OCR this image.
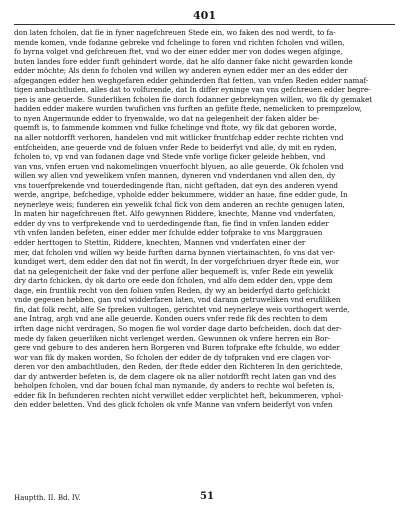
401
don laten fcholen, dat fie in fyner nagefchreuen Stede ein, wo faken des nod werdt, to fa-
mende komen, vnde fodanne gebreke vnd fchelinge to foren vnd richten fcholen vnd willen,
fo byrna volget vnd gefchreuen ftet, vnd wo der einer edder mer von dodes wegen afginge,
buten landes fore edder funft gehindert worde, dat he alfo danner fake nicht gewarden konde
edder möchte; Als denn fo fcholen vnd willen wy anderen eynen edder mer an des edder der
afgegangen edder hen weghgefaren edder gehinderden ftat fetten, van vnfen Reden edder namaf-
tigen ambachtluden, alles dat to volfurende, dat In differ eyninge van vns gefchreuen edder begre-
pen is ane geuerde. Sunderliken fcholen fie dorch fodanner gebrekyngen willen, wo fik dy gemaket
hadden edder makere wurden twufichen vns furften an gefiite ftede, nemelicken to prempzelow,
to nyen Angermunde edder to fryenwalde, wo dat na gelegenheit der faken alder be-
quemft is, to fammende kommen vnd fulke fchelinge vnd ftote, wy fik dat geboren worde,
na aller notdorfft verhoren, handelen vnd mit witlicker fruntfchap edder rechte richten vnd
entfcheiden, ane geuerde vnd de foluen vnfer Rede to beiderfyt vnd alle, dy mit en ryden,
fcholen to, vp vnd van fodanen dage vnd Stede vnfe vorlige ficker geleide hebben, vnd
van vns, vnfen eruen vnd nakomelingen vnuerfocht blyuen, ao alle geuerde. Ok fcholen vnd
willen wy allen vnd yewelikem vnfen mannen, dyneren vnd vnderdanen vnd allen den, dy
vns touerfprekende vnd touerdedingende ftan, nicht geftaden, dat eyn des anderen vyend
werde, angripe, befchedige, vpholde edder bekummere, widder an haue, fine edder gude, In
neynerleye weis; funderen ein yewelik fchal fick von dem anderen an rechte genugen laten,
In maten hir nagefchreuen ftet. Alfo gewynnen Riddere, knechte, Manne vnd vnderfaten,
edder dy vns to verfprekende vnd to uerdedingende ftan, fie find in vnfen landen edder
vth vnfen landen befeten, einer edder mer fchulde edder tofprake to vns Marggrauen
edder herttogen to Stettin, Riddere, knechten, Mannen vnd vnderfaten einer der
mer, dat fcholen vnd willen wy beide furften darna bynnen viertainachten, fo vns dat ver-
kundiget wert, dem edder den dat not fin werdt, In der vorgefchriuen dryer ftede ein, wor
dat na gelegenicheit der fake vnd der perfone aller bequemeft is, vnfer Rede ein yewelik
dry darto fchicken, dy ok darto ore eede don fcholen, vnd alfo dem edder den, vppe dem
dage, ein fruntlik recht von den foluen vnfen Reden, dy wy an beiderfyd darto gefchickt
vnde gegeuen hebben, gan vnd widderfaren laten, vnd darann getruweliken vnd erufiliken
fin, dat folk recht, alfe Se fpreken vultogen, gerichtet vnd neynerleye weis vorthogert werde,
ane Intrag, argh vnd ane alle geuerde. Konden ouers vnfer rede fik des rechten to dem
irften dage nicht verdragen, So mogen fie wol vorder dage darto befcheiden, doch dat der-
mede dy faken geuerliken nicht verlenget werden. Gewunnen ok vnfere herren ein Bor-
gere vnd gebure to des anderen hern Borgeren vnd Buren tofprake efte fchulde, wo edder
wor van fik dy maken worden, So fcholen der edder de dy tofpraken vnd ere clagen vor-
deren vor den ambachtluden, den Reden, der ftede edder den Richteren In den gerichtede,
dar dy antwerder befeten is, de dem clagere ok na aller notdorfft recht laten gan vnd des
beholpen fcholen, vnd dar bouen fchal man nymande, dy anders to rechte wol befeten is,
edder fik In befunderen rechten nicht verwillet edder verplichtet heft, bekummeren, vphol-
den edder beletten. Vnd des glick fcholen ok vnfe Manne van vnfern beiderfyt von vnfen
Hauptth. II. Bd. IV.	51
